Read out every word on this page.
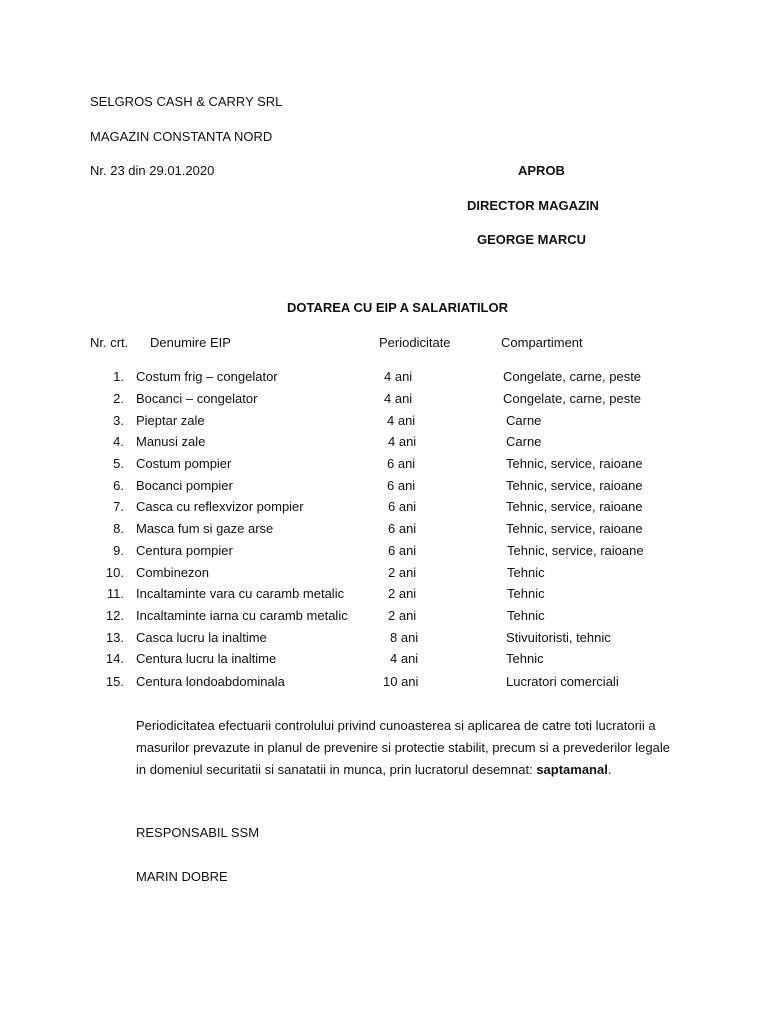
SELGROS CASH & CARRY SRL
MAGAZIN CONSTANTA NORD
Nr. 23 din 29.01.2020	APROB
DIRECTOR MAGAZIN
GEORGE MARCU
DOTAREA CU EIP A SALARIATILOR
Nr. crt. Denumire EIP	Periodicitate	Compartiment
1. Costum frig – congelator	4 ani	Congelate, carne, peste
2. Bocanci – congelator	4 ani	Congelate, carne, peste
3. Pieptar zale	4 ani	Carne
4. Manusi zale	4 ani	Carne
5. Costum pompier	6 ani	Tehnic, service, raioane
6. Bocanci pompier	6 ani	Tehnic, service, raioane
7. Casca cu reflexvizor pompier	6 ani	Tehnic, service, raioane
8. Masca fum si gaze arse	6 ani	Tehnic, service, raioane
9. Centura pompier	6 ani	Tehnic, service, raioane
10. Combinezon	2 ani	Tehnic
11. Incaltaminte vara cu caramb metalic	2 ani	Tehnic
12. Incaltaminte iarna cu caramb metalic	2 ani	Tehnic
13. Casca lucru la inaltime	8 ani	Stivuitoristi, tehnic
14. Centura lucru la inaltime	4 ani	Tehnic
15. Centura londoabdominala	10 ani	Lucratori comerciali
Periodicitatea efectuarii controlului privind cunoasterea si aplicarea de catre toti lucratorii a masurilor prevazute in planul de prevenire si protectie stabilit, precum si a prevederilor legale in domeniul securitatii si sanatatii in munca, prin lucratorul desemnat: saptamanal.
RESPONSABIL SSM
MARIN DOBRE
